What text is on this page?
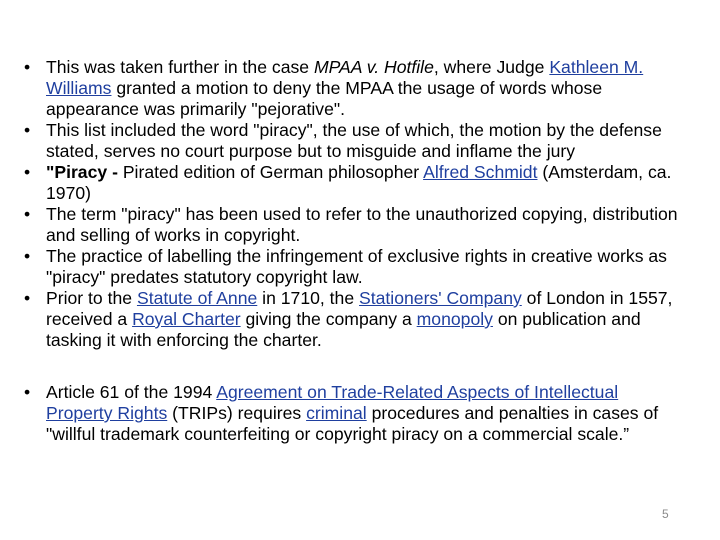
• This was taken further in the case MPAA v. Hotfile, where Judge Kathleen M. Williams granted a motion to deny the MPAA the usage of words whose appearance was primarily "pejorative".
• This list included the word "piracy", the use of which, the motion by the defense stated, serves no court purpose but to misguide and inflame the jury
• "Piracy - Pirated edition of German philosopher Alfred Schmidt (Amsterdam, ca. 1970)
• The term "piracy" has been used to refer to the unauthorized copying, distribution and selling of works in copyright.
• The practice of labelling the infringement of exclusive rights in creative works as "piracy" predates statutory copyright law.
• Prior to the Statute of Anne in 1710, the Stationers' Company of London in 1557, received a Royal Charter giving the company a monopoly on publication and tasking it with enforcing the charter.
• Article 61 of the 1994 Agreement on Trade-Related Aspects of Intellectual Property Rights (TRIPs) requires criminal procedures and penalties in cases of "willful trademark counterfeiting or copyright piracy on a commercial scale.”
5
